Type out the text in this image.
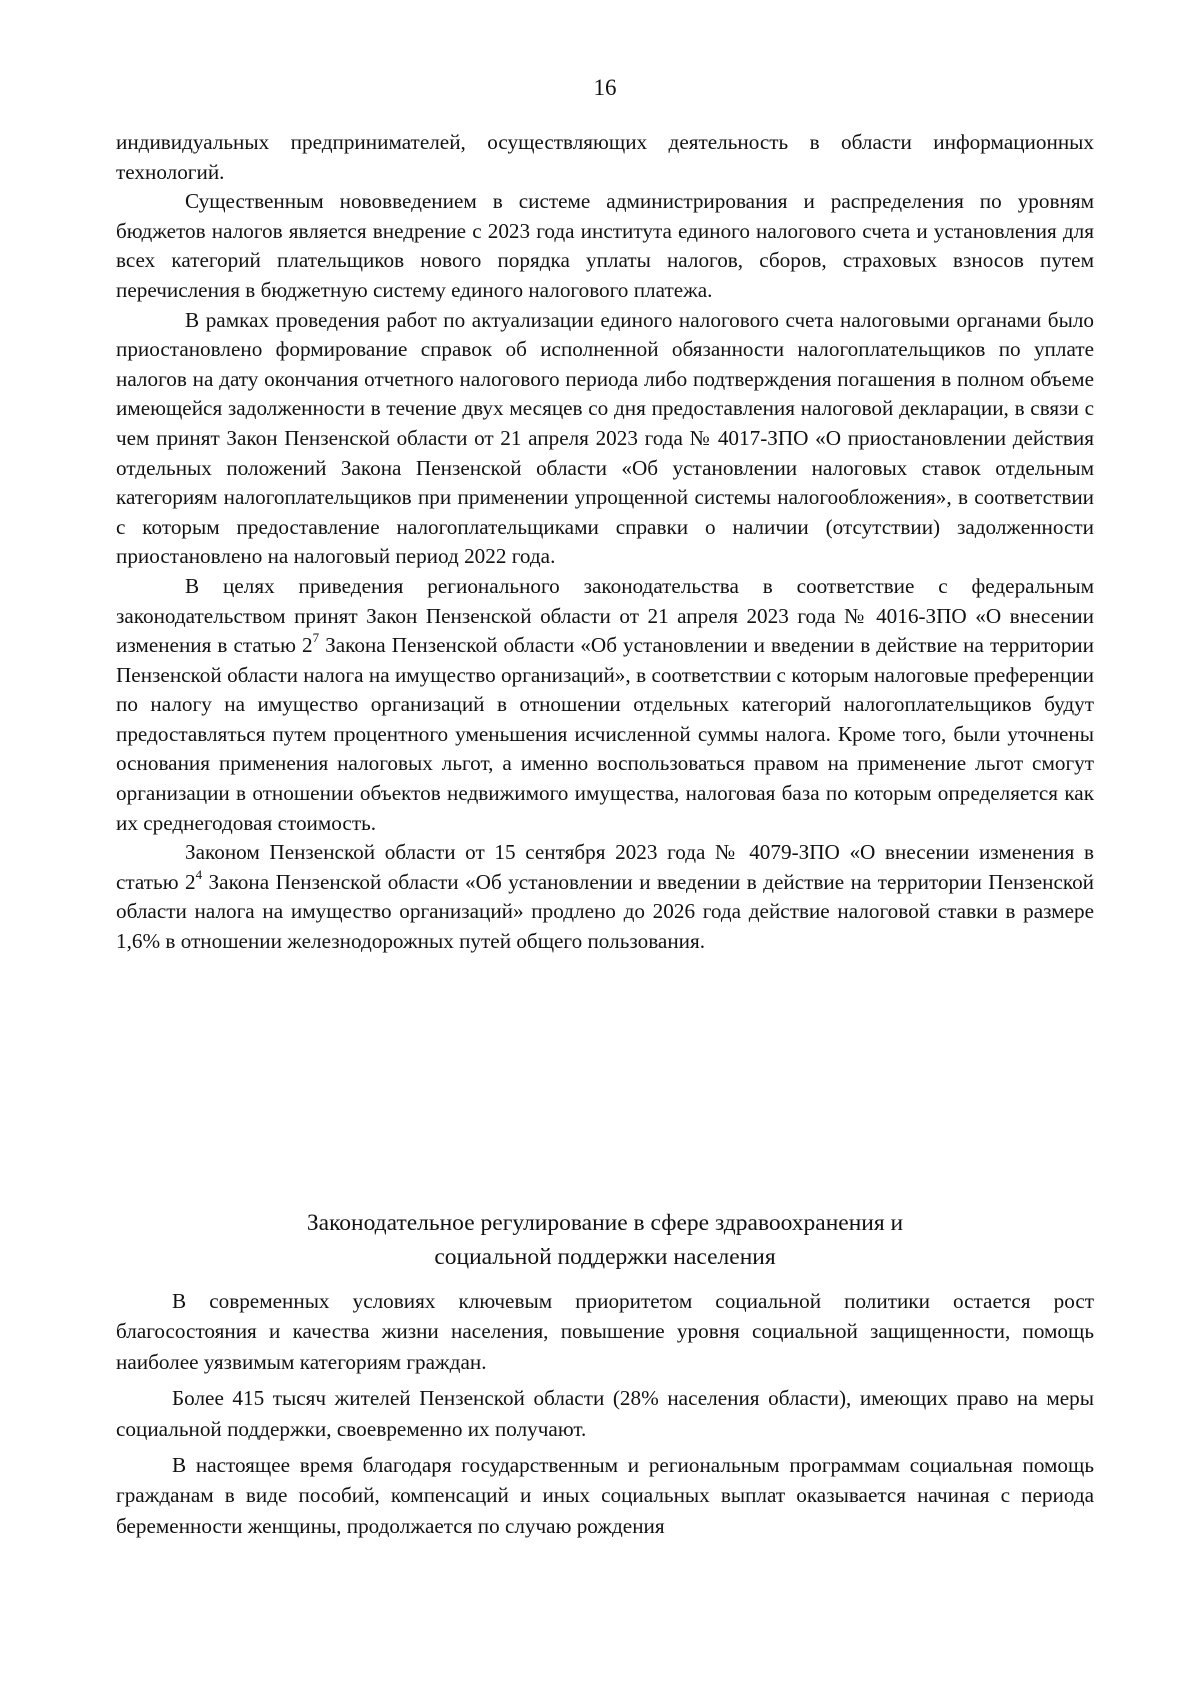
16

индивидуальных предпринимателей, осуществляющих деятельность в области информационных технологий.

Существенным нововведением в системе администрирования и распределения по уровням бюджетов налогов является внедрение с 2023 года института единого налогового счета и установления для всех категорий плательщиков нового порядка уплаты налогов, сборов, страховых взносов путем перечисления в бюджетную систему единого налогового платежа.

В рамках проведения работ по актуализации единого налогового счета налоговыми органами было приостановлено формирование справок об исполненной обязанности налогоплательщиков по уплате налогов на дату окончания отчетного налогового периода либо подтверждения погашения в полном объеме имеющейся задолженности в течение двух месяцев со дня предоставления налоговой декларации, в связи с чем принят Закон Пензенской области от 21 апреля 2023 года № 4017-ЗПО «О приостановлении действия отдельных положений Закона Пензенской области «Об установлении налоговых ставок отдельным категориям налогоплательщиков при применении упрощенной системы налогообложения», в соответствии с которым предоставление налогоплательщиками справки о наличии (отсутствии) задолженности приостановлено на налоговый период 2022 года.

В целях приведения регионального законодательства в соответствие с федеральным законодательством принят Закон Пензенской области от 21 апреля 2023 года № 4016-ЗПО «О внесении изменения в статью $2^7$ Закона Пензенской области «Об установлении и введении в действие на территории Пензенской области налога на имущество организаций», в соответствии с которым налоговые преференции по налогу на имущество организаций в отношении отдельных категорий налогоплательщиков будут предоставляться путем процентного уменьшения исчисленной суммы налога. Кроме того, были уточнены основания применения налоговых льгот, а именно воспользоваться правом на применение льгот смогут организации в отношении объектов недвижимого имущества, налоговая база по которым определяется как их среднегодовая стоимость.

Законом Пензенской области от 15 сентября 2023 года № 4079-ЗПО «О внесении изменения в статью $2^4$ Закона Пензенской области «Об установлении и введении в действие на территории Пензенской области налога на имущество организаций» продлено до 2026 года действие налоговой ставки в размере 1,6% в отношении железнодорожных путей общего пользования.

Законодательное регулирование в сфере здравоохранения и
социальной поддержки населения

В современных условиях ключевым приоритетом социальной политики остается рост благосостояния и качества жизни населения, повышение уровня социальной защищенности, помощь наиболее уязвимым категориям граждан.

Более 415 тысяч жителей Пензенской области (28% населения области), имеющих право на меры социальной поддержки, своевременно их получают.

В настоящее время благодаря государственным и региональным программам социальная помощь гражданам в виде пособий, компенсаций и иных социальных выплат оказывается начиная с периода беременности женщины, продолжается по случаю рождения
